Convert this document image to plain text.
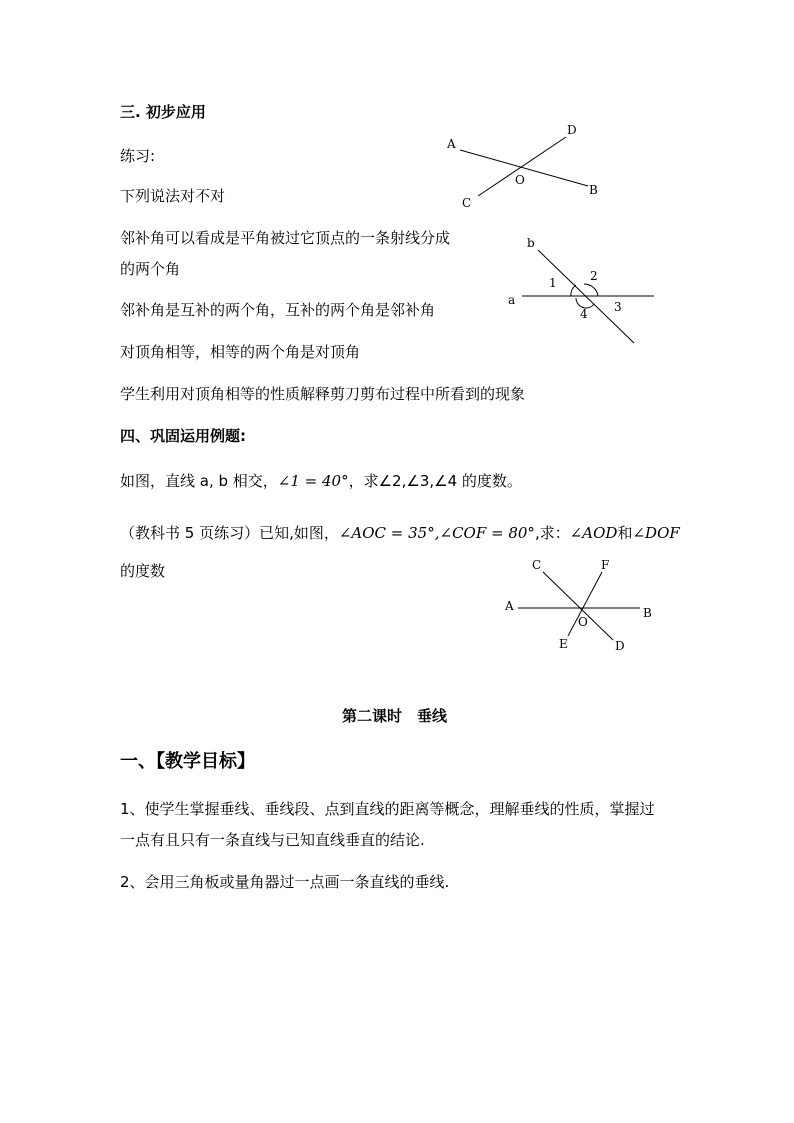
三. 初步应用
练习:
下列说法对不对
邻补角可以看成是平角被过它顶点的一条射线分成
的两个角
邻补角是互补的两个角，互补的两个角是邻补角
对顶角相等，相等的两个角是对顶角
学生利用对顶角相等的性质解释剪刀剪布过程中所看到的现象
A
D
O
C
B
b
a
1	2
3
4
四、巩固运用例题:
如图，直线 a, b 相交，∠1 = 40°，求∠2,∠3,∠4 的度数。
（教科书 5 页练习）已知,如图，∠AOC = 35°,∠COF = 80°,求：∠AOD和∠DOF
的度数
A	B
C	F
O
E	D
第二课时　垂线
一、【教学目标】
1、使学生掌握垂线、垂线段、点到直线的距离等概念，理解垂线的性质，掌握过
一点有且只有一条直线与已知直线垂直的结论.
2、会用三角板或量角器过一点画一条直线的垂线.
